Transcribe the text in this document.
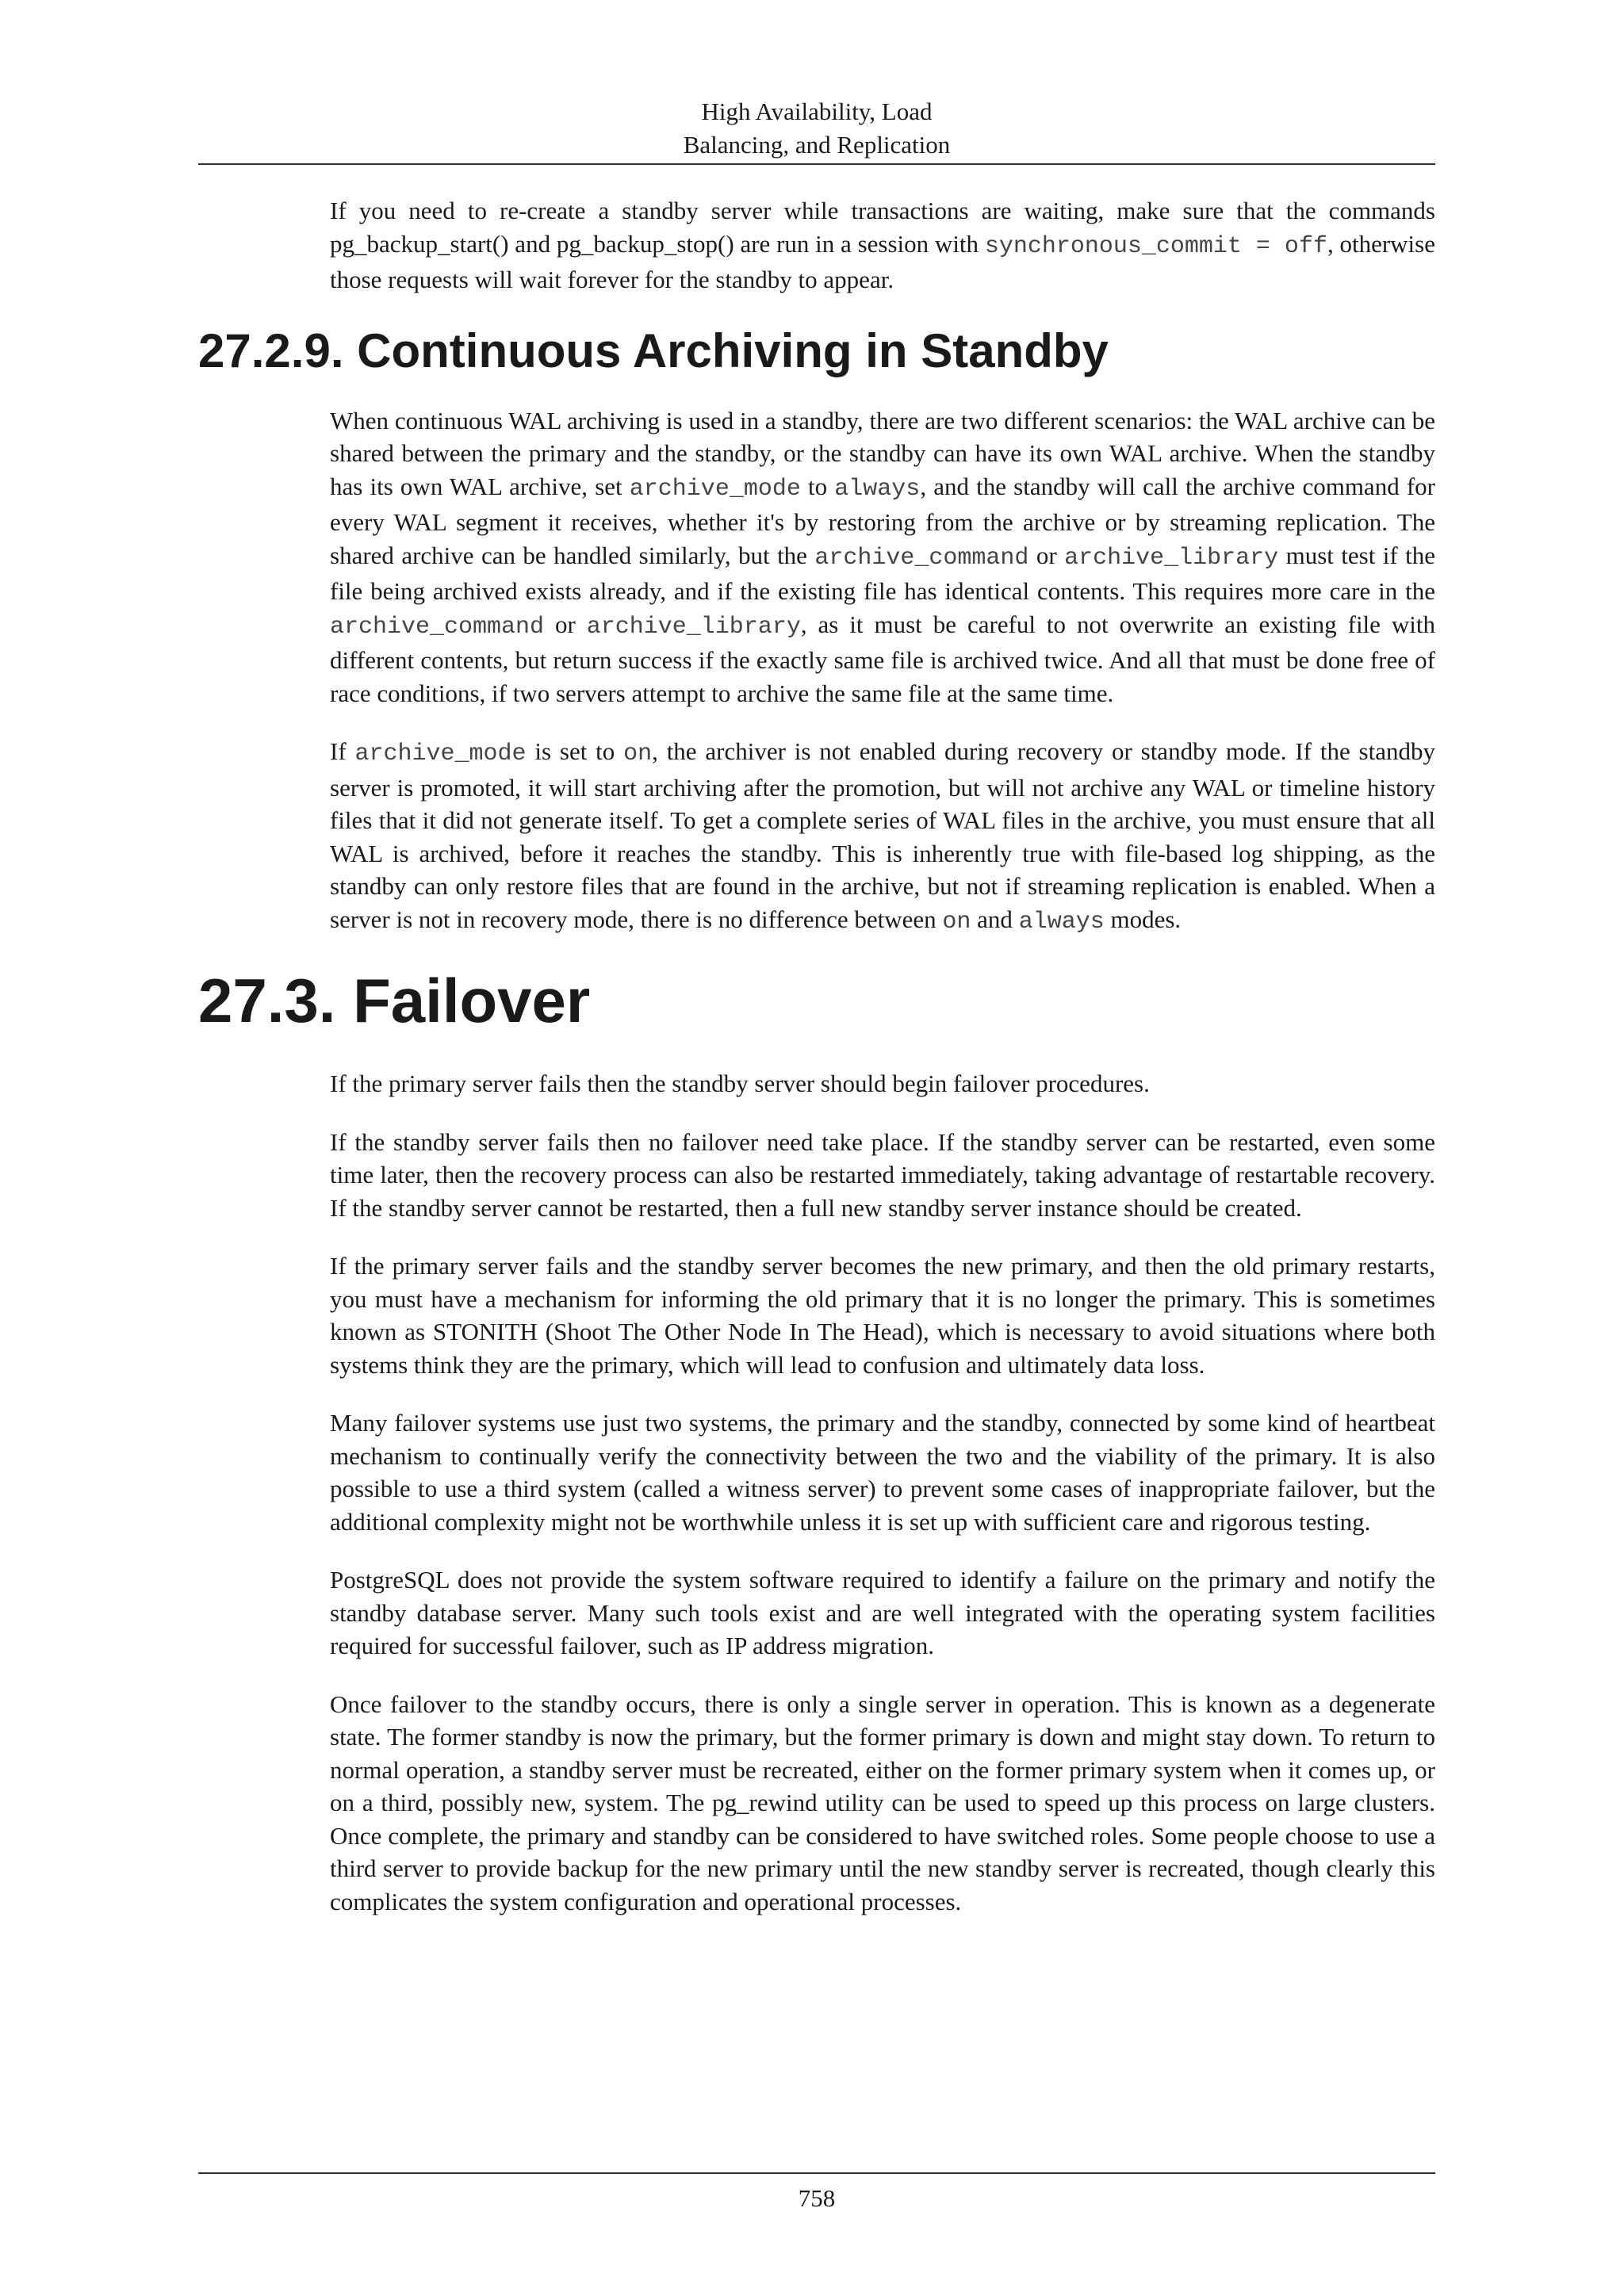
High Availability, Load
Balancing, and Replication

If you need to re-create a standby server while transactions are waiting, make sure that the commands pg_backup_start() and pg_backup_stop() are run in a session with synchronous_commit = off, otherwise those requests will wait forever for the standby to appear.

27.2.9. Continuous Archiving in Standby

When continuous WAL archiving is used in a standby, there are two different scenarios: the WAL archive can be shared between the primary and the standby, or the standby can have its own WAL archive. When the standby has its own WAL archive, set archive_mode to always, and the standby will call the archive command for every WAL segment it receives, whether it's by restoring from the archive or by streaming replication. The shared archive can be handled similarly, but the archive_command or archive_library must test if the file being archived exists already, and if the existing file has identical contents. This requires more care in the archive_command or archive_library, as it must be careful to not overwrite an existing file with different contents, but return success if the exactly same file is archived twice. And all that must be done free of race conditions, if two servers attempt to archive the same file at the same time.

If archive_mode is set to on, the archiver is not enabled during recovery or standby mode. If the standby server is promoted, it will start archiving after the promotion, but will not archive any WAL or timeline history files that it did not generate itself. To get a complete series of WAL files in the archive, you must ensure that all WAL is archived, before it reaches the standby. This is inherently true with file-based log shipping, as the standby can only restore files that are found in the archive, but not if streaming replication is enabled. When a server is not in recovery mode, there is no difference between on and always modes.

27.3. Failover

If the primary server fails then the standby server should begin failover procedures.

If the standby server fails then no failover need take place. If the standby server can be restarted, even some time later, then the recovery process can also be restarted immediately, taking advantage of restartable recovery. If the standby server cannot be restarted, then a full new standby server instance should be created.

If the primary server fails and the standby server becomes the new primary, and then the old primary restarts, you must have a mechanism for informing the old primary that it is no longer the primary. This is sometimes known as STONITH (Shoot The Other Node In The Head), which is necessary to avoid situations where both systems think they are the primary, which will lead to confusion and ultimately data loss.

Many failover systems use just two systems, the primary and the standby, connected by some kind of heartbeat mechanism to continually verify the connectivity between the two and the viability of the primary. It is also possible to use a third system (called a witness server) to prevent some cases of inappropriate failover, but the additional complexity might not be worthwhile unless it is set up with sufficient care and rigorous testing.

PostgreSQL does not provide the system software required to identify a failure on the primary and notify the standby database server. Many such tools exist and are well integrated with the operating system facilities required for successful failover, such as IP address migration.

Once failover to the standby occurs, there is only a single server in operation. This is known as a degenerate state. The former standby is now the primary, but the former primary is down and might stay down. To return to normal operation, a standby server must be recreated, either on the former primary system when it comes up, or on a third, possibly new, system. The pg_rewind utility can be used to speed up this process on large clusters. Once complete, the primary and standby can be considered to have switched roles. Some people choose to use a third server to provide backup for the new primary until the new standby server is recreated, though clearly this complicates the system configuration and operational processes.

758
